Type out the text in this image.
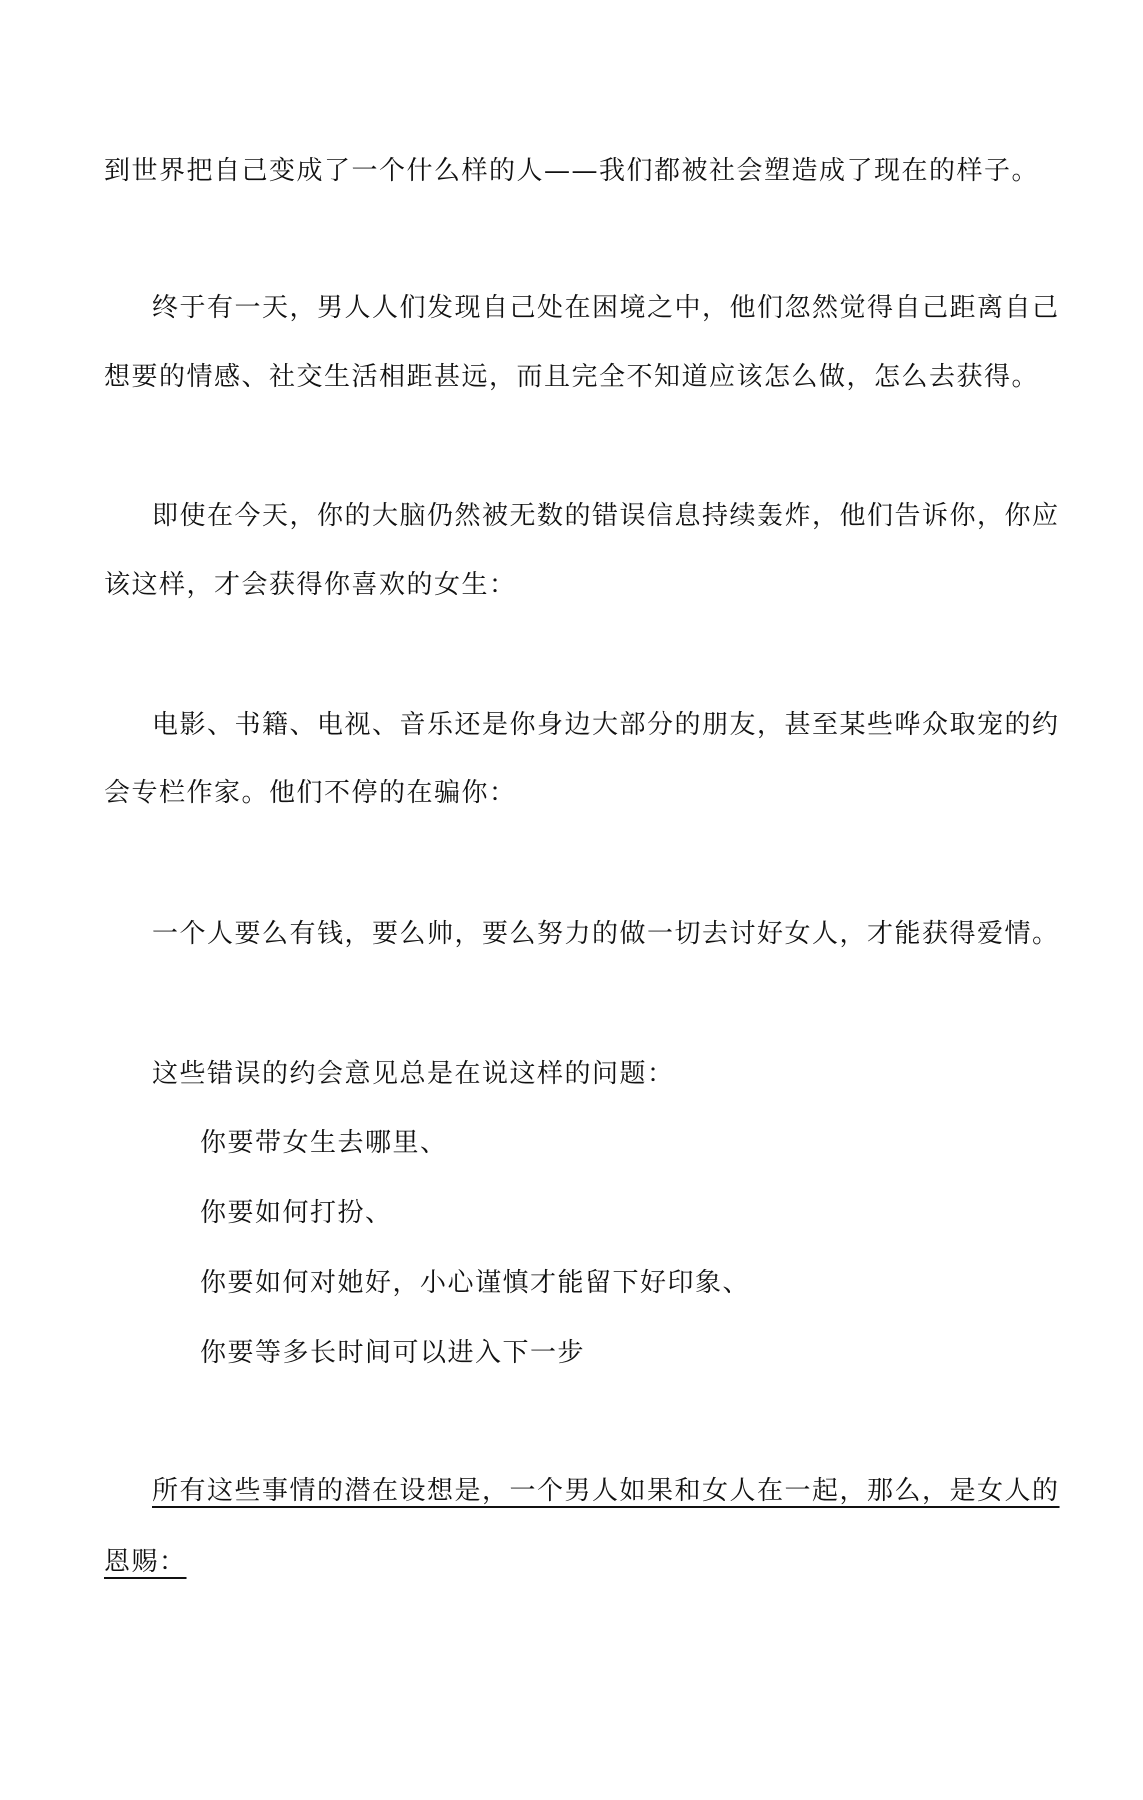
到世界把自己变成了一个什么样的人——我们都被社会塑造成了现在的样子。
终于有一天，男人人们发现自己处在困境之中，他们忽然觉得自己距离自己
想要的情感、社交生活相距甚远，而且完全不知道应该怎么做，怎么去获得。
即使在今天，你的大脑仍然被无数的错误信息持续轰炸，他们告诉你，你应
该这样，才会获得你喜欢的女生：
电影、书籍、电视、音乐还是你身边大部分的朋友，甚至某些哗众取宠的约
会专栏作家。他们不停的在骗你：
一个人要么有钱，要么帅，要么努力的做一切去讨好女人，才能获得爱情。
这些错误的约会意见总是在说这样的问题：
你要带女生去哪里、
你要如何打扮、
你要如何对她好，小心谨慎才能留下好印象、
你要等多长时间可以进入下一步
所有这些事情的潜在设想是，一个男人如果和女人在一起，那么，是女人的
恩赐：
